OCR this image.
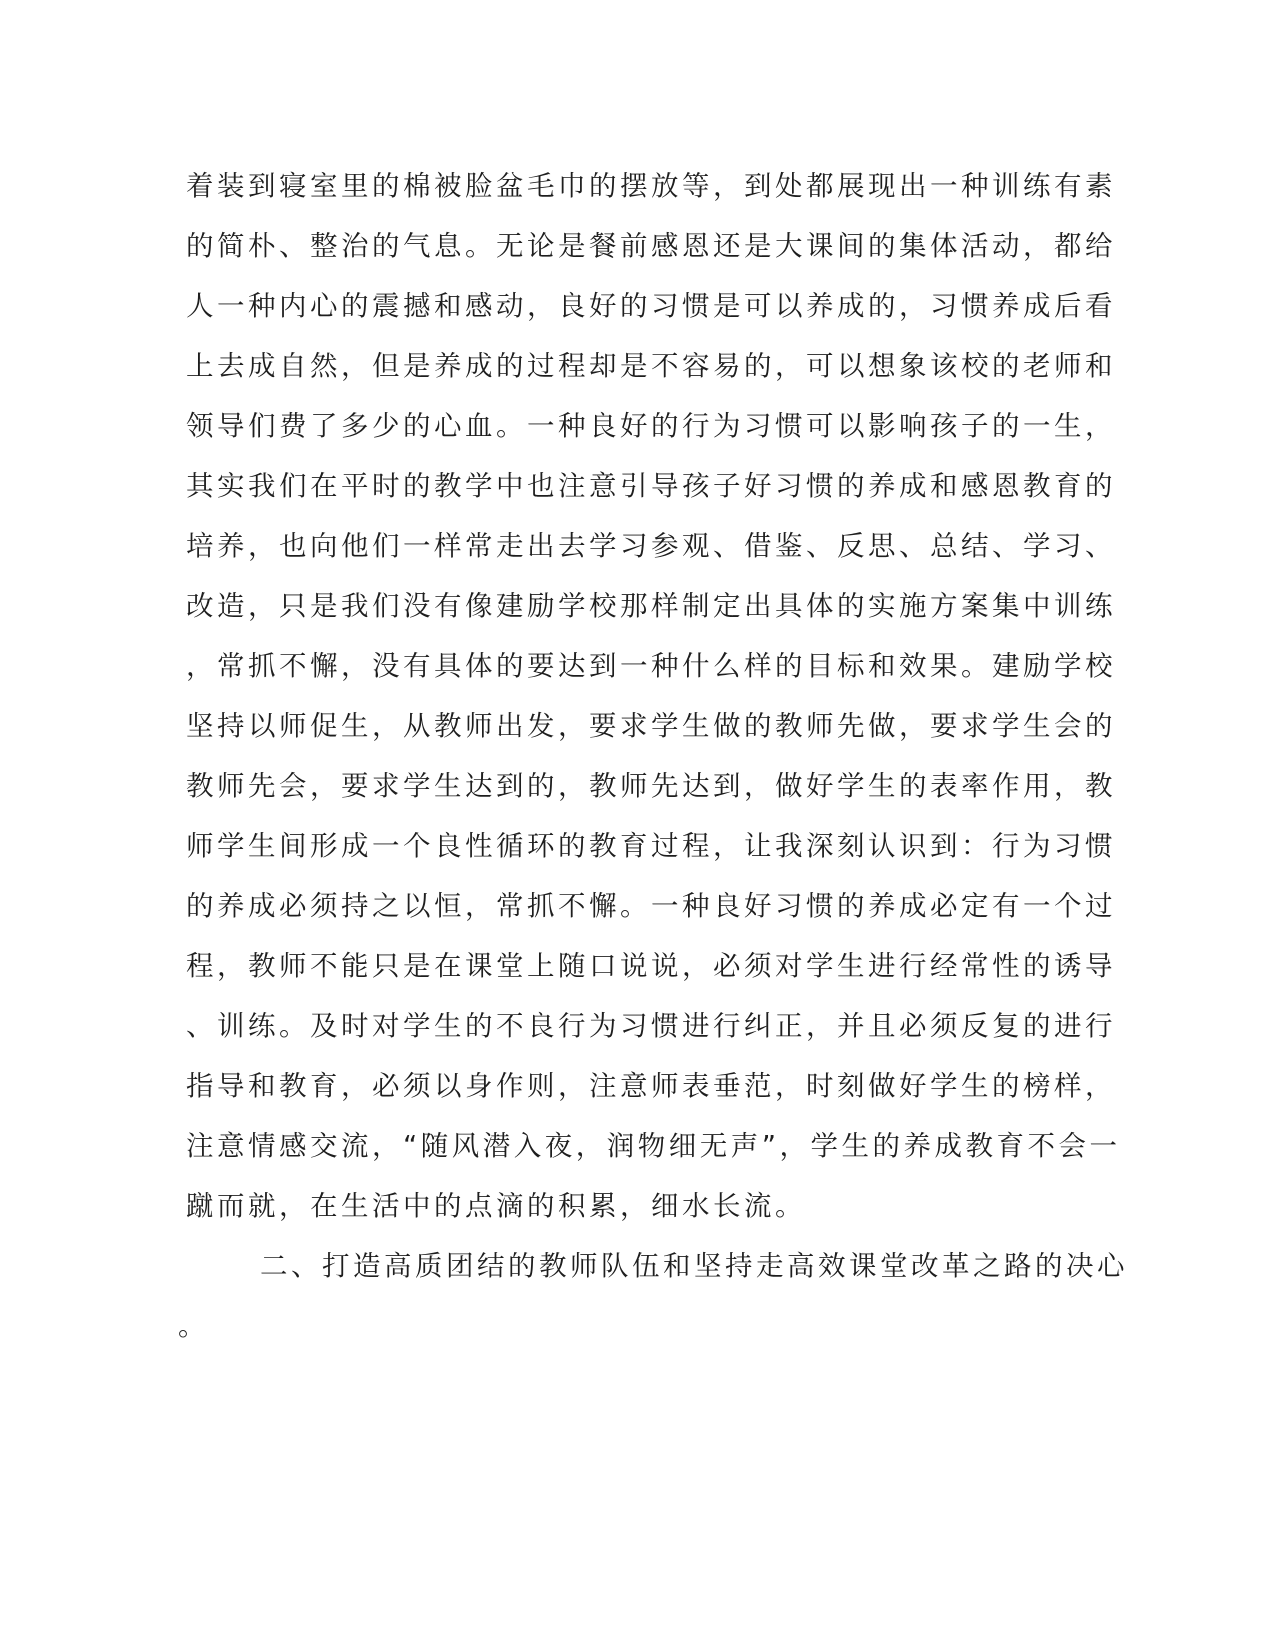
着装到寝室里的棉被脸盆毛巾的摆放等，到处都展现出一种训练有素
的简朴、整治的气息。无论是餐前感恩还是大课间的集体活动，都给
人一种内心的震撼和感动，良好的习惯是可以养成的，习惯养成后看
上去成自然，但是养成的过程却是不容易的，可以想象该校的老师和
领导们费了多少的心血。一种良好的行为习惯可以影响孩子的一生，
其实我们在平时的教学中也注意引导孩子好习惯的养成和感恩教育的
培养，也向他们一样常走出去学习参观、借鉴、反思、总结、学习、
改造，只是我们没有像建励学校那样制定出具体的实施方案集中训练
，常抓不懈，没有具体的要达到一种什么样的目标和效果。建励学校
坚持以师促生，从教师出发，要求学生做的教师先做，要求学生会的
教师先会，要求学生达到的，教师先达到，做好学生的表率作用，教
师学生间形成一个良性循环的教育过程，让我深刻认识到：行为习惯
的养成必须持之以恒，常抓不懈。一种良好习惯的养成必定有一个过
程，教师不能只是在课堂上随口说说，必须对学生进行经常性的诱导
、训练。及时对学生的不良行为习惯进行纠正，并且必须反复的进行
指导和教育，必须以身作则，注意师表垂范，时刻做好学生的榜样，
注意情感交流，“随风潜入夜，润物细无声”，学生的养成教育不会一
蹴而就，在生活中的点滴的积累，细水长流。
二、打造高质团结的教师队伍和坚持走高效课堂改革之路的决心
。
